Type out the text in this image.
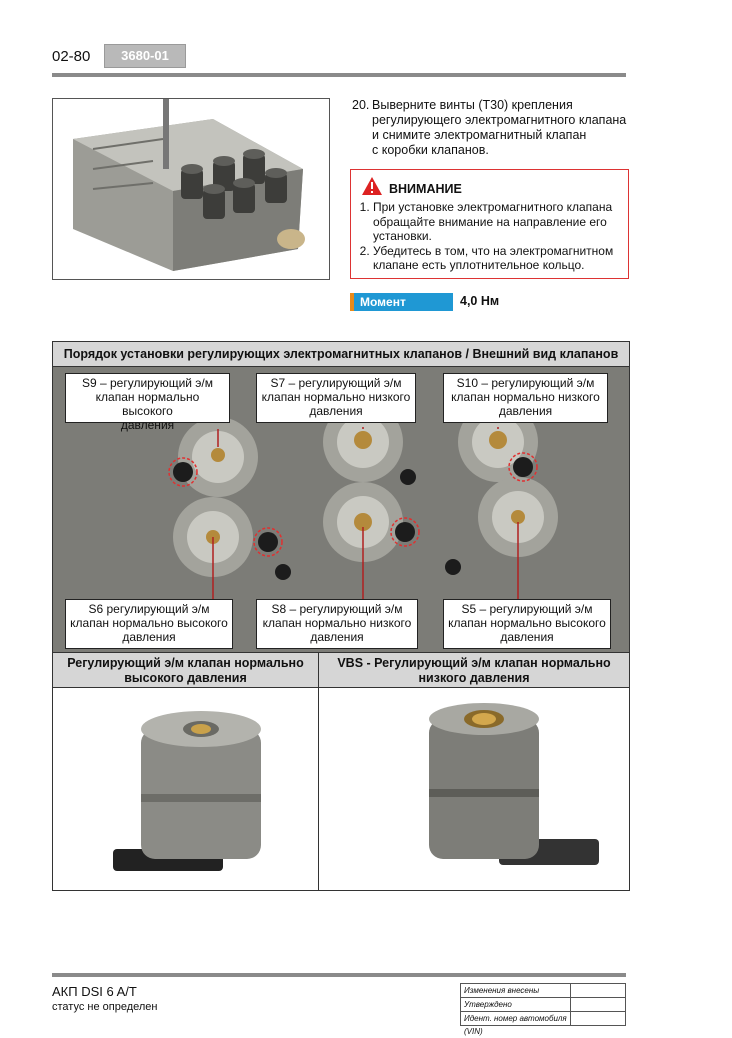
02-80	3680-01
20. Выверните винты (T30) крепления
регулирующего электромагнитного клапана
и снимите электромагнитный клапан
с коробки клапанов.
ВНИМАНИЕ
1. При установке электромагнитного клапана обращайте внимание на направление его установки.
2. Убедитесь в том, что на электромагнитном клапане есть уплотнительное кольцо.
Момент затяжки
4,0 Нм
Порядок установки регулирующих электромагнитных клапанов / Внешний вид клапанов
S9 – регулирующий э/м
клапан нормально высокого
давления
S7 – регулирующий э/м
клапан нормально низкого
давления
S10 – регулирующий э/м
клапан нормально низкого
давления
S6 регулирующий э/м
клапан нормально высокого
давления
S8 – регулирующий э/м
клапан нормально низкого
давления
S5 – регулирующий э/м
клапан нормально высокого
давления
Регулирующий э/м клапан нормально
высокого давления
VBS - Регулирующий э/м клапан нормально
низкого давления
АКП DSI 6 A/T
статус не определен
Изменения внесены
Утверждено
Идент. номер автомобиля (VIN)
